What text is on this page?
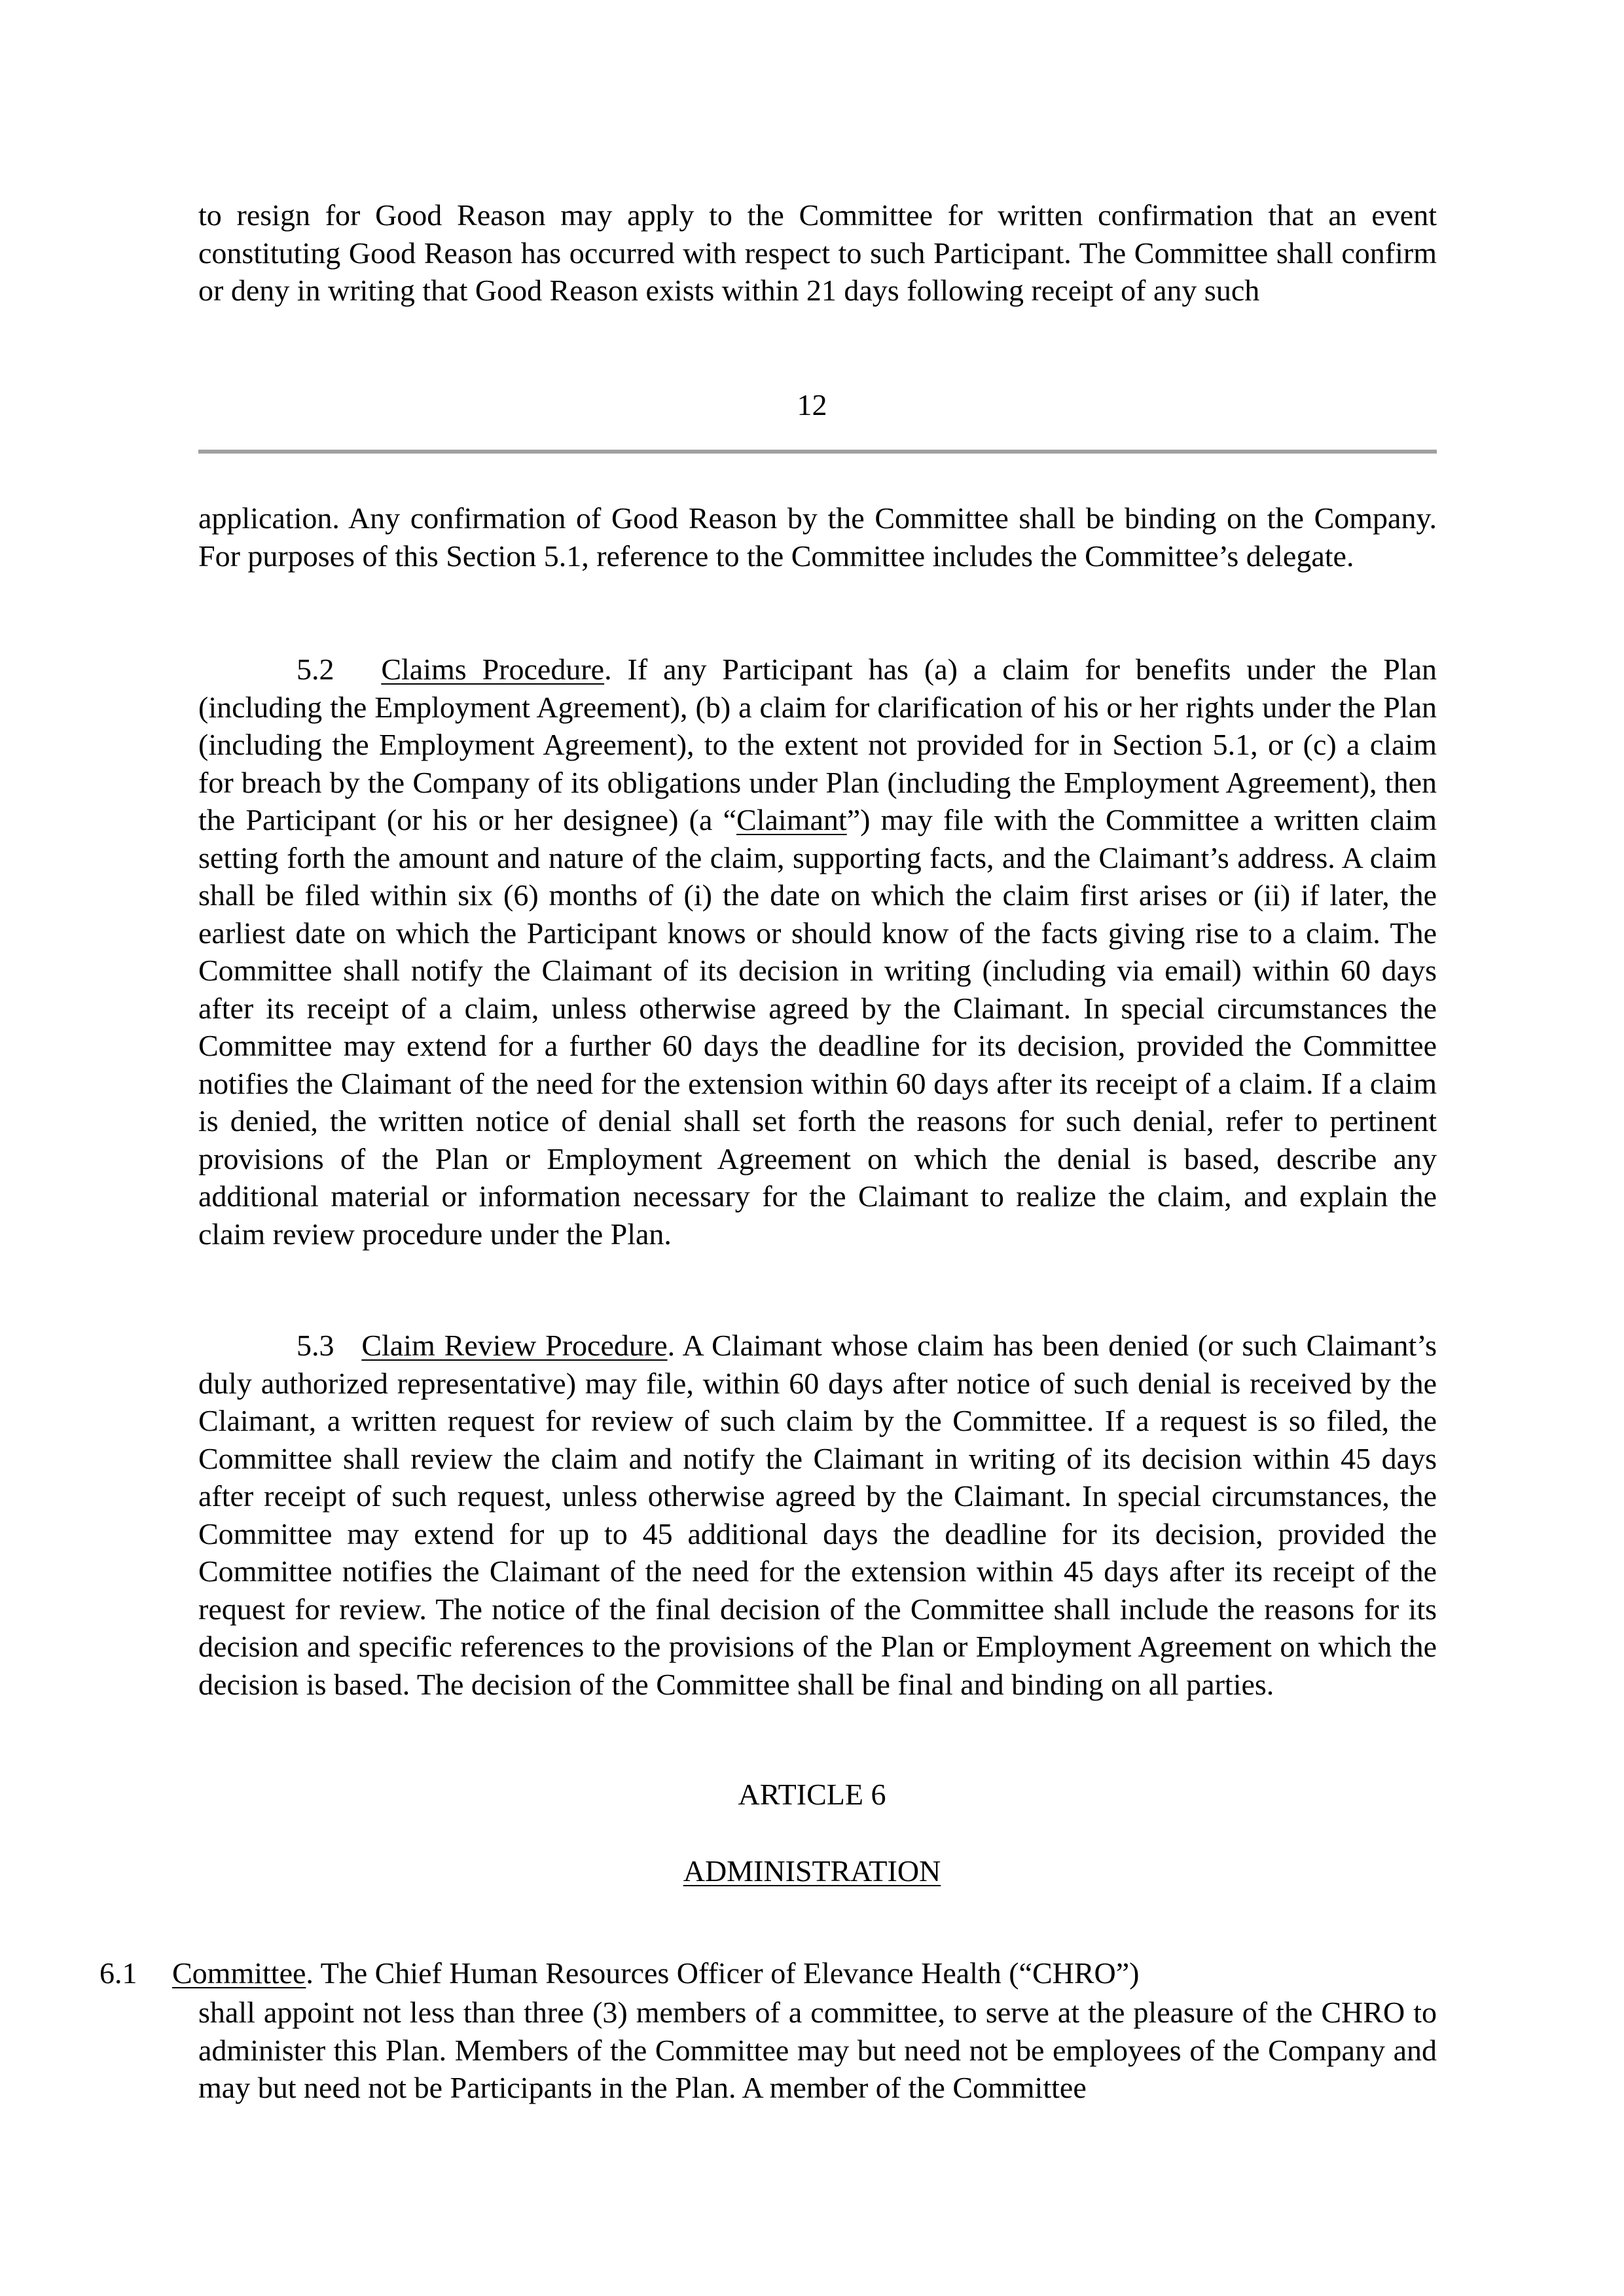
to resign for Good Reason may apply to the Committee for written confirmation that an event constituting Good Reason has occurred with respect to such Participant. The Committee shall confirm or deny in writing that Good Reason exists within 21 days following receipt of any such

12

application. Any confirmation of Good Reason by the Committee shall be binding on the Company. For purposes of this Section 5.1, reference to the Committee includes the Committee’s delegate.

5.2 Claims Procedure. If any Participant has (a) a claim for benefits under the Plan (including the Employment Agreement), (b) a claim for clarification of his or her rights under the Plan (including the Employment Agreement), to the extent not provided for in Section 5.1, or (c) a claim for breach by the Company of its obligations under Plan (including the Employment Agreement), then the Participant (or his or her designee) (a “Claimant”) may file with the Committee a written claim setting forth the amount and nature of the claim, supporting facts, and the Claimant’s address. A claim shall be filed within six (6) months of (i) the date on which the claim first arises or (ii) if later, the earliest date on which the Participant knows or should know of the facts giving rise to a claim. The Committee shall notify the Claimant of its decision in writing (including via email) within 60 days after its receipt of a claim, unless otherwise agreed by the Claimant. In special circumstances the Committee may extend for a further 60 days the deadline for its decision, provided the Committee notifies the Claimant of the need for the extension within 60 days after its receipt of a claim. If a claim is denied, the written notice of denial shall set forth the reasons for such denial, refer to pertinent provisions of the Plan or Employment Agreement on which the denial is based, describe any additional material or information necessary for the Claimant to realize the claim, and explain the claim review procedure under the Plan.

5.3 Claim Review Procedure. A Claimant whose claim has been denied (or such Claimant’s duly authorized representative) may file, within 60 days after notice of such denial is received by the Claimant, a written request for review of such claim by the Committee. If a request is so filed, the Committee shall review the claim and notify the Claimant in writing of its decision within 45 days after receipt of such request, unless otherwise agreed by the Claimant. In special circumstances, the Committee may extend for up to 45 additional days the deadline for its decision, provided the Committee notifies the Claimant of the need for the extension within 45 days after its receipt of the request for review. The notice of the final decision of the Committee shall include the reasons for its decision and specific references to the provisions of the Plan or Employment Agreement on which the decision is based. The decision of the Committee shall be final and binding on all parties.

ARTICLE 6

ADMINISTRATION

6.1 Committee. The Chief Human Resources Officer of Elevance Health (“CHRO”)

shall appoint not less than three (3) members of a committee, to serve at the pleasure of the CHRO to administer this Plan. Members of the Committee may but need not be employees of the Company and may but need not be Participants in the Plan. A member of the Committee
